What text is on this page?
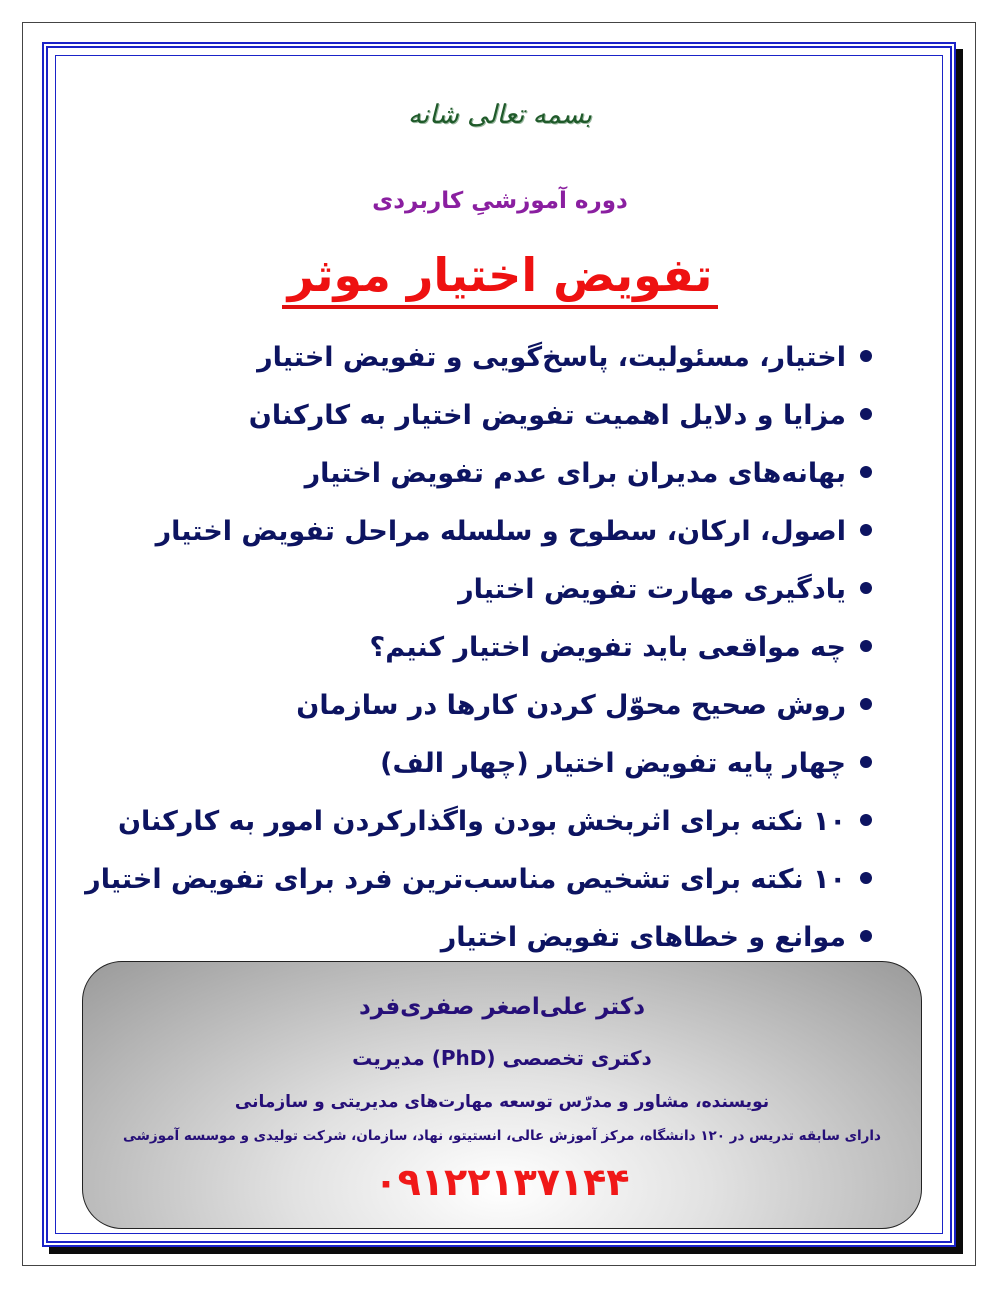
بسمه تعالی شانه
دوره آموزشیِ کاربردی
تفویض اختیار موثر
اختیار، مسئولیت، پاسخ‌گویی و تفویض اختیار
مزایا و دلایل اهمیت تفویض اختیار به کارکنان
بهانه‌های مدیران برای عدم تفویض اختیار
اصول، ارکان، سطوح و سلسله مراحل تفویض اختیار
یادگیری مهارت تفویض اختیار
چه مواقعی باید تفویض اختیار کنیم؟
روش صحیح محوّل کردن کارها در سازمان
چهار پایه تفویض اختیار (چهار الف)
۱۰ نکته برای اثربخش بودن واگذارکردن امور به کارکنان
۱۰ نکته برای تشخیص مناسب‌ترین فرد برای تفویض اختیار
موانع و خطاهای تفویض اختیار
دکتر علی‌اصغر صفری‌فرد
دکتری تخصصی (PhD) مدیریت
نویسنده، مشاور و مدرّس توسعه مهارت‌های مدیریتی و سازمانی
دارای سابقه تدریس در ۱۲۰ دانشگاه، مرکز آموزش عالی، انستیتو، نهاد، سازمان، شرکت تولیدی و موسسه آموزشی
۰۹۱۲۲۱۳۷۱۴۴
